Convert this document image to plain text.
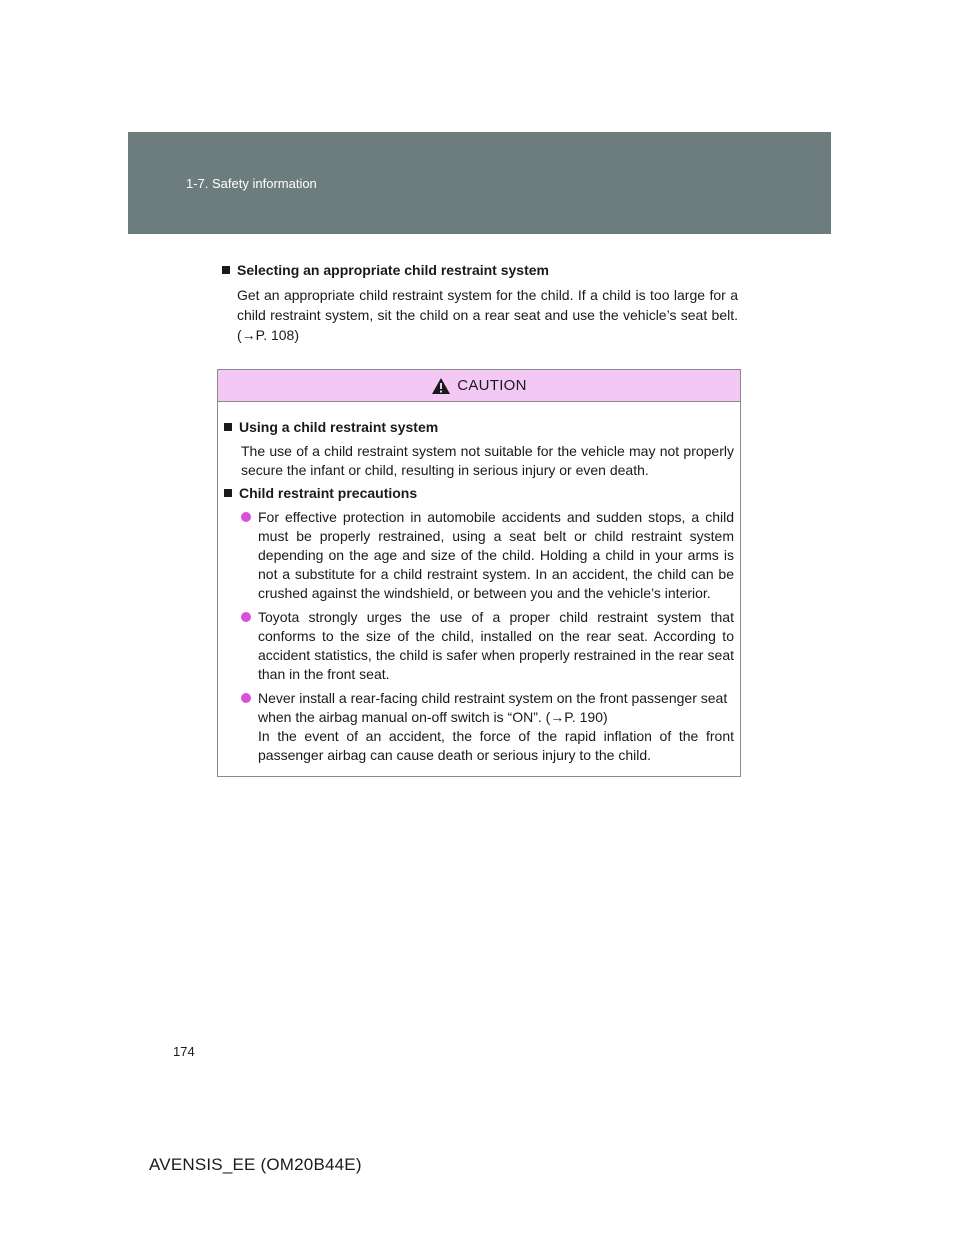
1-7. Safety information
Selecting an appropriate child restraint system

Get an appropriate child restraint system for the child. If a child is too large for a child restraint system, sit the child on a rear seat and use the vehicle’s seat belt. (→P. 108)

CAUTION
Using a child restraint system

The use of a child restraint system not suitable for the vehicle may not properly secure the infant or child, resulting in serious injury or even death.

Child restraint precautions
For effective protection in automobile accidents and sudden stops, a child must be properly restrained, using a seat belt or child restraint system depending on the age and size of the child. Holding a child in your arms is not a substitute for a child restraint system. In an accident, the child can be crushed against the windshield, or between you and the vehicle’s interior.
Toyota strongly urges the use of a proper child restraint system that conforms to the size of the child, installed on the rear seat. According to accident statistics, the child is safer when properly restrained in the rear seat than in the front seat.
Never install a rear-facing child restraint system on the front passenger seat when the airbag manual on-off switch is “ON”. (→P. 190)
In the event of an accident, the force of the rapid inflation of the front passenger airbag can cause death or serious injury to the child.
174
AVENSIS_EE (OM20B44E)
